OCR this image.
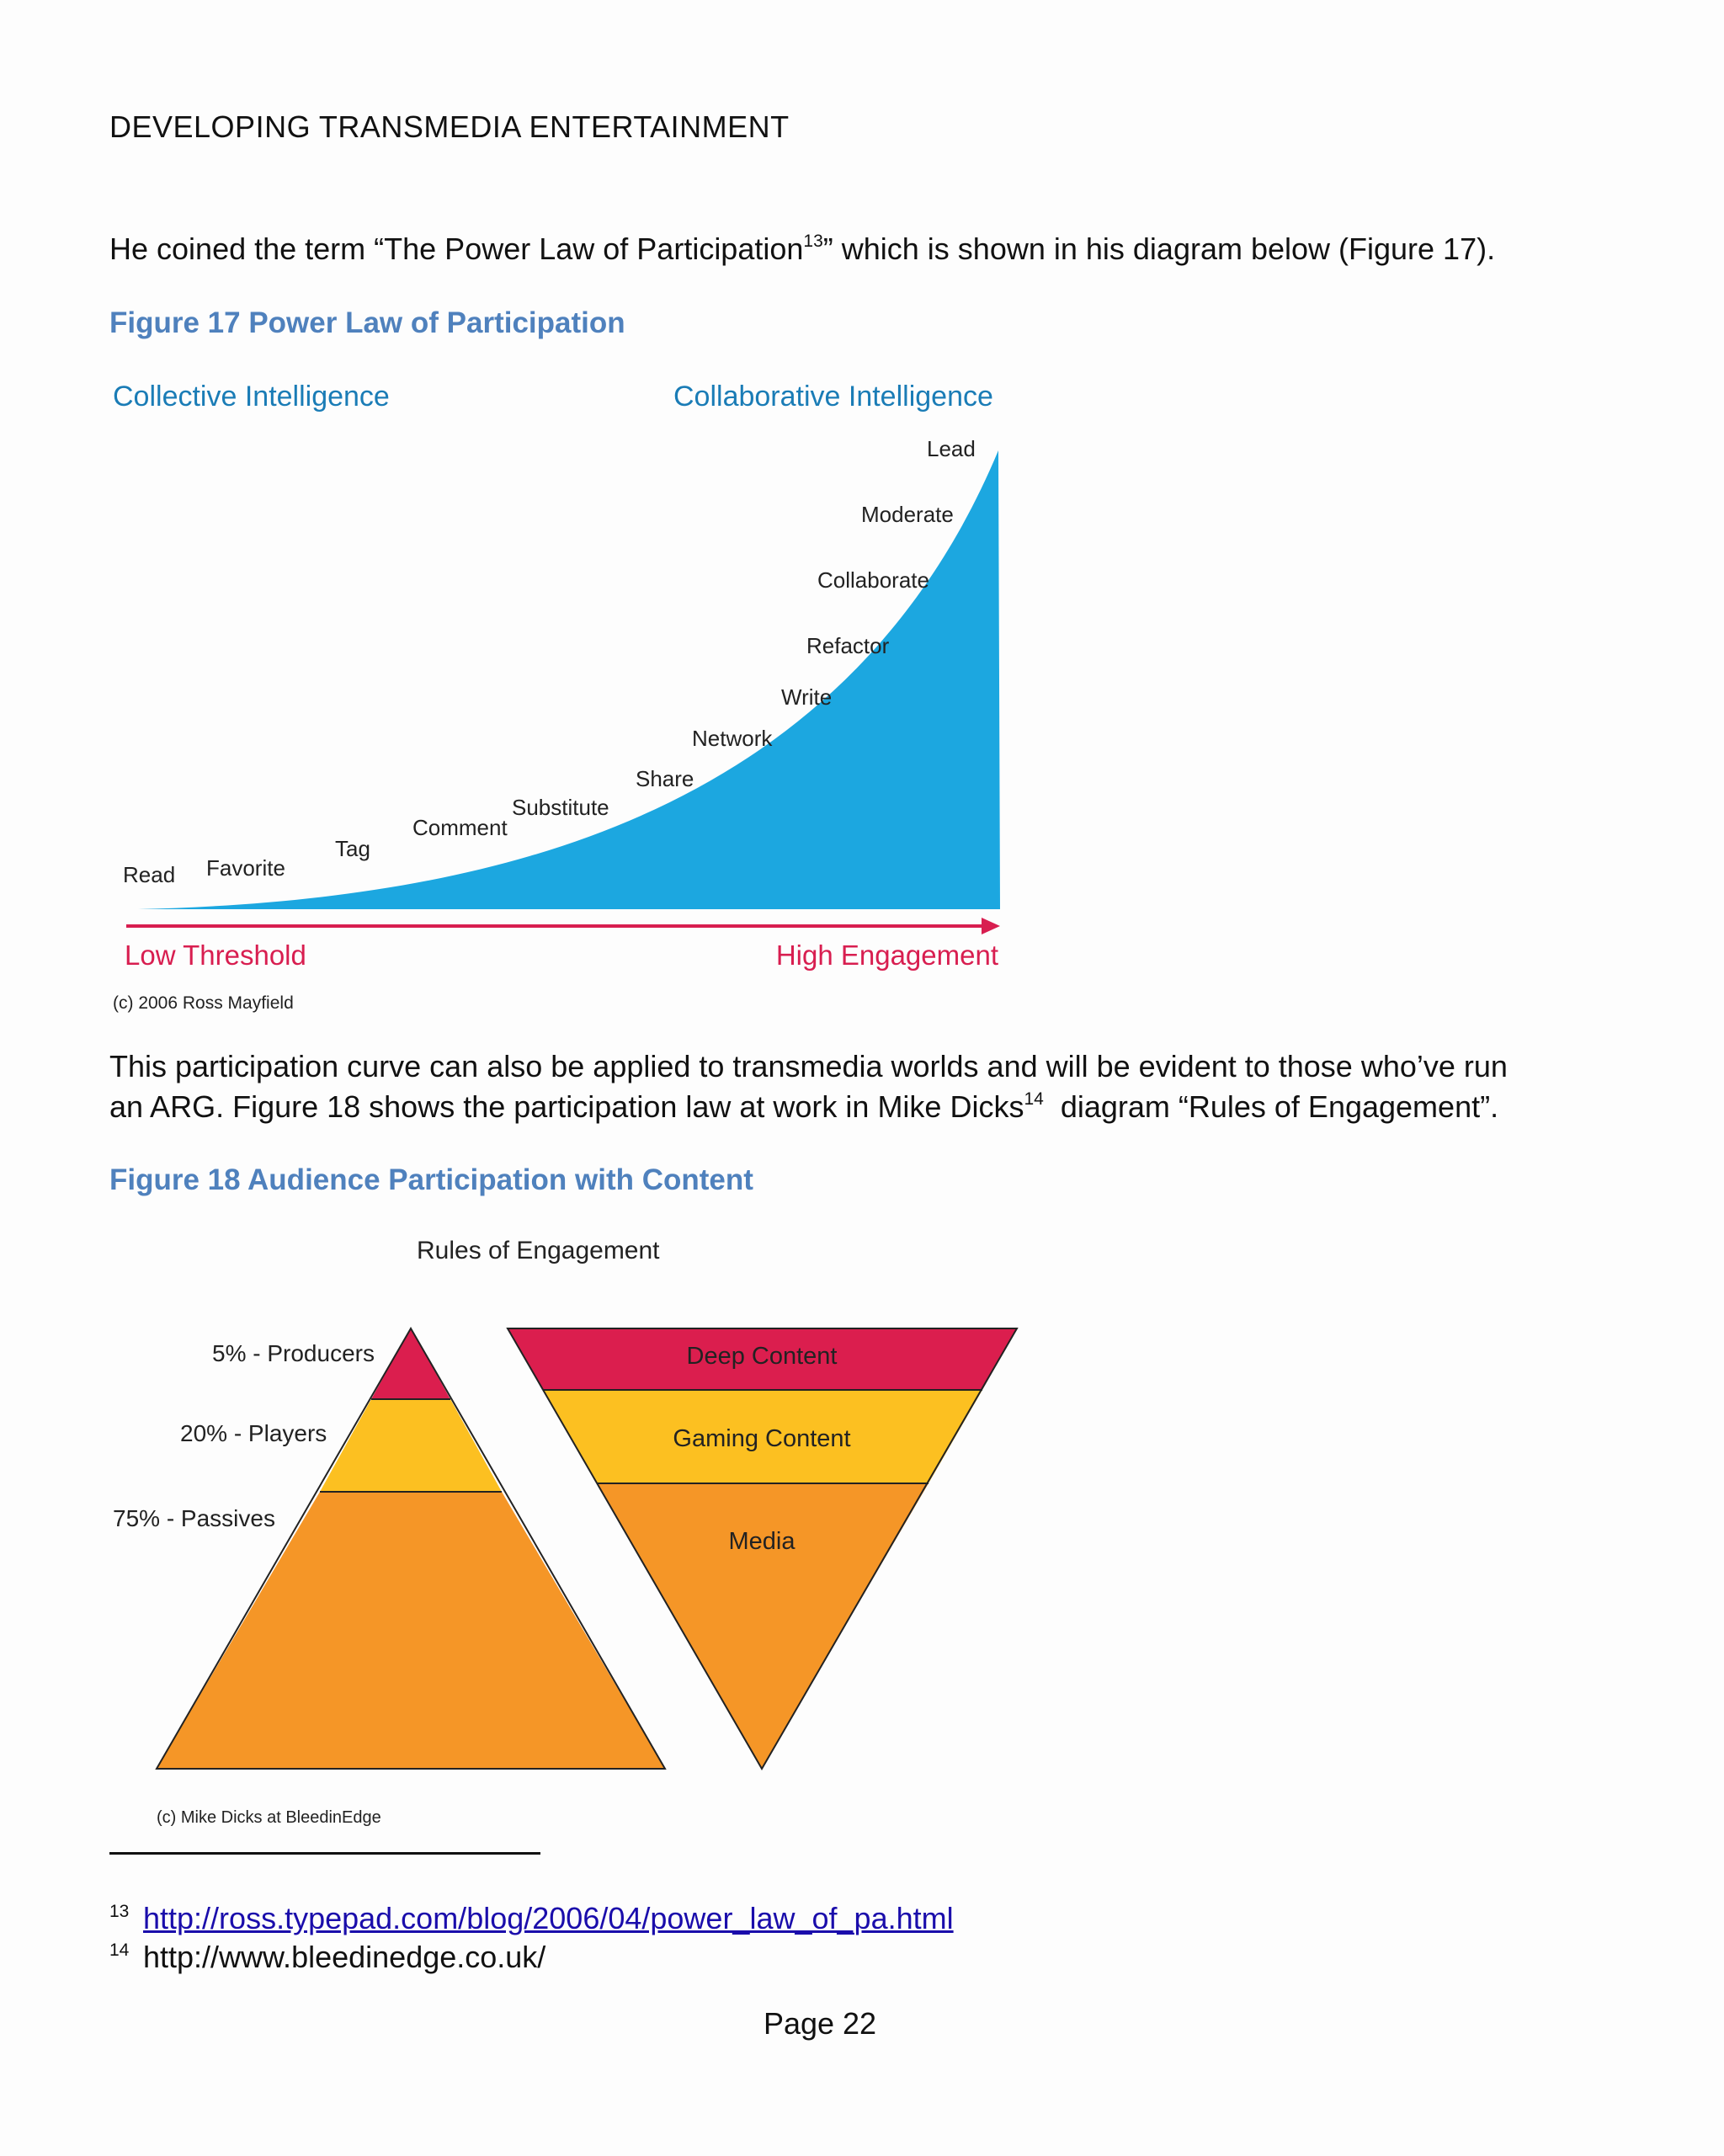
DEVELOPING TRANSMEDIA ENTERTAINMENT
He coined the term “The Power Law of Participation$^{13}$” which is shown in his diagram below (Figure 17).
Figure 17 Power Law of Participation
Collective Intelligence	Collaborative Intelligence
Read Favorite
Tag
Comment
Substitute
Share
Network
Write
Refactor
Collaborate
Moderate
Lead
Low Threshold	High Engagement
(c) 2006 Ross Mayfield
This participation curve can also be applied to transmedia worlds and will be evident to those who’ve run
an ARG. Figure 18 shows the participation law at work in Mike Dicks$^{14}$  diagram “Rules of Engagement”.
Figure 18 Audience Participation with Content
Rules of Engagement
5% - Producers
20% - Players
75% - Passives
Deep Content
Gaming Content
Media
(c) Mike Dicks at BleedinEdge
13 http://ross.typepad.com/blog/2006/04/power_law_of_pa.html
14 http://www.bleedinedge.co.uk/
Page 22
